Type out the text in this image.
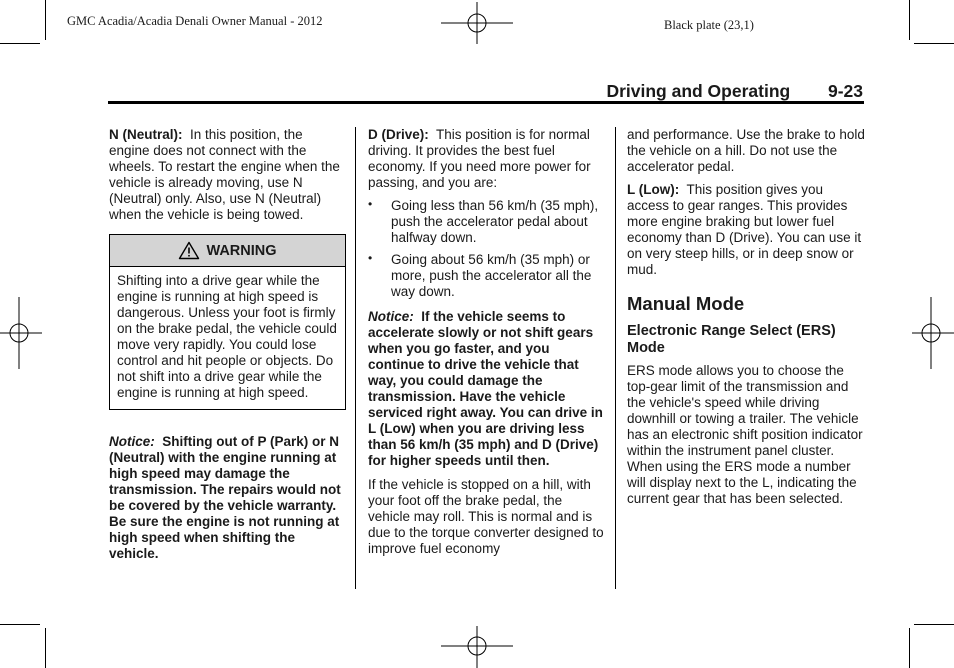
GMC Acadia/Acadia Denali Owner Manual - 2012	Black plate (23,1)
Driving and Operating 9-23

N (Neutral): In this position, the engine does not connect with the wheels. To restart the engine when the vehicle is already moving, use N (Neutral) only. Also, use N (Neutral) when the vehicle is being towed.

WARNING
Shifting into a drive gear while the engine is running at high speed is dangerous. Unless your foot is firmly on the brake pedal, the vehicle could move very rapidly. You could lose control and hit people or objects. Do not shift into a drive gear while the engine is running at high speed.

Notice: Shifting out of P (Park) or N (Neutral) with the engine running at high speed may damage the transmission. The repairs would not be covered by the vehicle warranty. Be sure the engine is not running at high speed when shifting the vehicle.

D (Drive): This position is for normal driving. It provides the best fuel economy. If you need more power for passing, and you are:

• Going less than 56 km/h (35 mph), push the accelerator pedal about halfway down.
• Going about 56 km/h (35 mph) or more, push the accelerator all the way down.

Notice: If the vehicle seems to accelerate slowly or not shift gears when you go faster, and you continue to drive the vehicle that way, you could damage the transmission. Have the vehicle serviced right away. You can drive in L (Low) when you are driving less than 56 km/h (35 mph) and D (Drive) for higher speeds until then.

If the vehicle is stopped on a hill, with your foot off the brake pedal, the vehicle may roll. This is normal and is due to the torque converter designed to improve fuel economy

and performance. Use the brake to hold the vehicle on a hill. Do not use the accelerator pedal.

L (Low): This position gives you access to gear ranges. This provides more engine braking but lower fuel economy than D (Drive). You can use it on very steep hills, or in deep snow or mud.

Manual Mode
Electronic Range Select (ERS) Mode

ERS mode allows you to choose the top-gear limit of the transmission and the vehicle's speed while driving downhill or towing a trailer. The vehicle has an electronic shift position indicator within the instrument panel cluster. When using the ERS mode a number will display next to the L, indicating the current gear that has been selected.
